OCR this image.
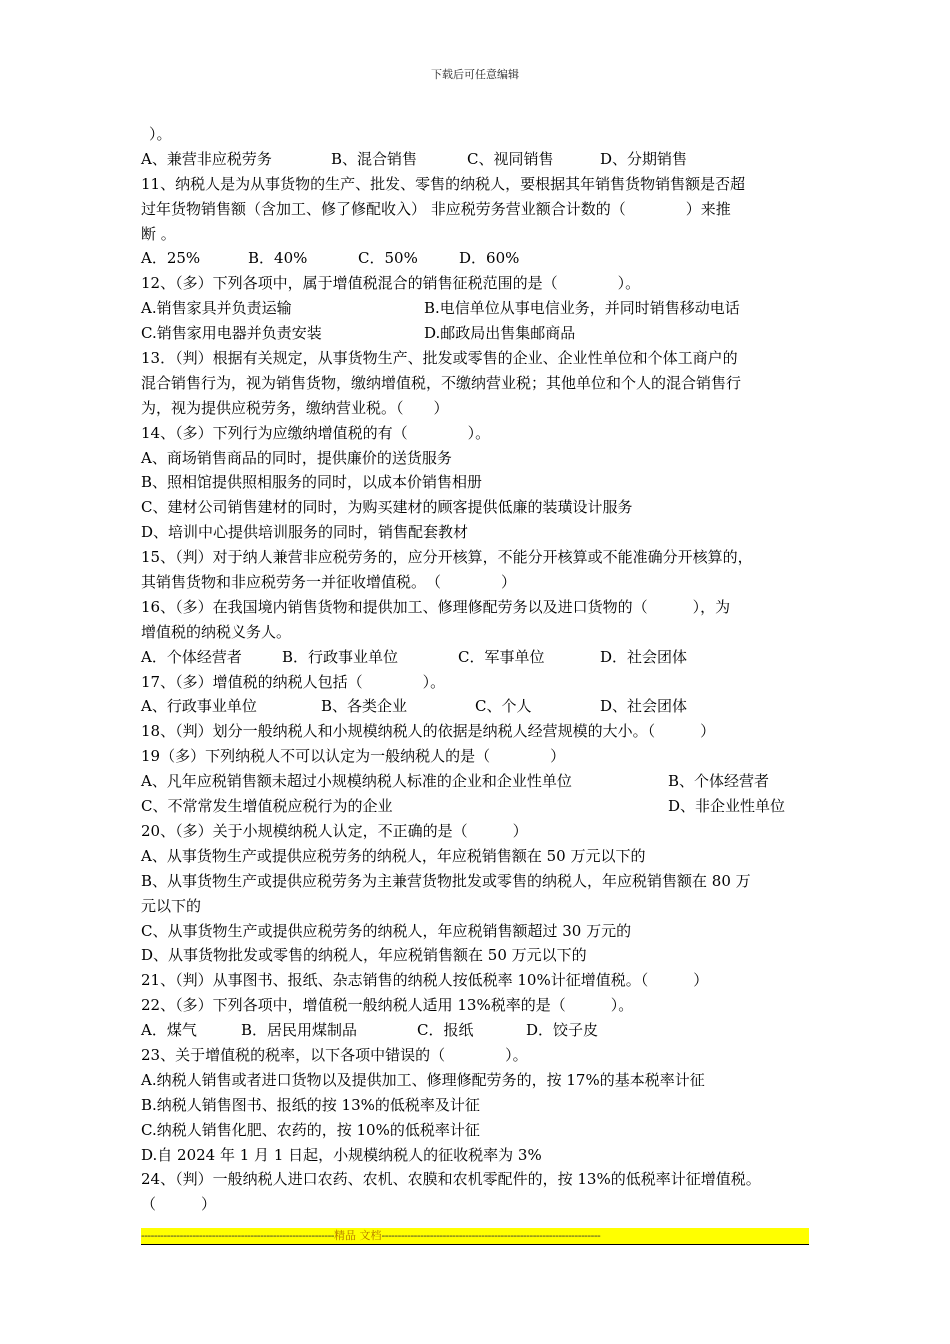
下载后可任意编辑
）。
A、兼营非应税劳务	B、混合销售	C、视同销售	D、分期销售
11、纳税人是为从事货物的生产、批发、零售的纳税人，要根据其年销售货物销售额是否超
过年货物销售额（含加工、修了修配收入） 非应税劳务营业额合计数的（　　　　）来推
断 。
A．25%	B．40%	C．50%	D．60%
12、（多）下列各项中，属于增值税混合的销售征税范围的是（　　　　）。
A.销售家具并负责运输	B.电信单位从事电信业务，并同时销售移动电话
C.销售家用电器并负责安装	D.邮政局出售集邮商品
13．（判）根据有关规定，从事货物生产、批发或零售的企业、企业性单位和个体工商户的
混合销售行为，视为销售货物，缴纳增值税，不缴纳营业税；其他单位和个人的混合销售行
为，视为提供应税劳务，缴纳营业税。（　　）
14、（多）下列行为应缴纳增值税的有（　　　　）。
A、商场销售商品的同时，提供廉价的送货服务
B、照相馆提供照相服务的同时，以成本价销售相册
C、建材公司销售建材的同时，为购买建材的顾客提供低廉的装璜设计服务
D、培训中心提供培训服务的同时，销售配套教材
15、（判）对于纳人兼营非应税劳务的，应分开核算，不能分开核算或不能准确分开核算的，
其销售货物和非应税劳务一并征收增值税。　（　　　　）
16、（多）在我国境内销售货物和提供加工、修理修配劳务以及进口货物的（　　　），为
增值税的纳税义务人。
A．个体经营者	B．行政事业单位	C．军事单位	D．社会团体
17、（多）增值税的纳税人包括（　　　　）。
A、行政事业单位	B、各类企业	C、个人	D、社会团体
18、（判）划分一般纳税人和小规模纳税人的依据是纳税人经营规模的大小。（　　　）
19（多）下列纳税人不可以认定为一般纳税人的是（　　　　）
A、凡年应税销售额未超过小规模纳税人标准的企业和企业性单位	B、个体经营者
C、不常常发生增值税应税行为的企业	D、非企业性单位
20、（多）关于小规模纳税人认定，不正确的是（　　　）
A、从事货物生产或提供应税劳务的纳税人，年应税销售额在 50 万元以下的
B、从事货物生产或提供应税劳务为主兼营货物批发或零售的纳税人，年应税销售额在 80 万
元以下的
C、从事货物生产或提供应税劳务的纳税人，年应税销售额超过 30 万元的
D、从事货物批发或零售的纳税人，年应税销售额在 50 万元以下的
21、（判）从事图书、报纸、杂志销售的纳税人按低税率 10%计征增值税。（　　　）
22、（多）下列各项中，增值税一般纳税人适用 13%税率的是（　　　）。
A．煤气	B．居民用煤制品	C．报纸	D．饺子皮
23、关于增值税的税率，以下各项中错误的（　　　　）。
A.纳税人销售或者进口货物以及提供加工、修理修配劳务的，按 17%的基本税率计征
B.纳税人销售图书、报纸的按 13%的低税率及计征
C.纳税人销售化肥、农药的，按 10%的低税率计征
D.自 2024 年 1 月 1 日起，小规模纳税人的征收税率为 3%
24、（判）一般纳税人进口农药、农机、农膜和农机零配件的，按 13%的低税率计征增值税。
（　　　）
------------------------------------------------------------精品 文档--------------------------------------------------------------------
